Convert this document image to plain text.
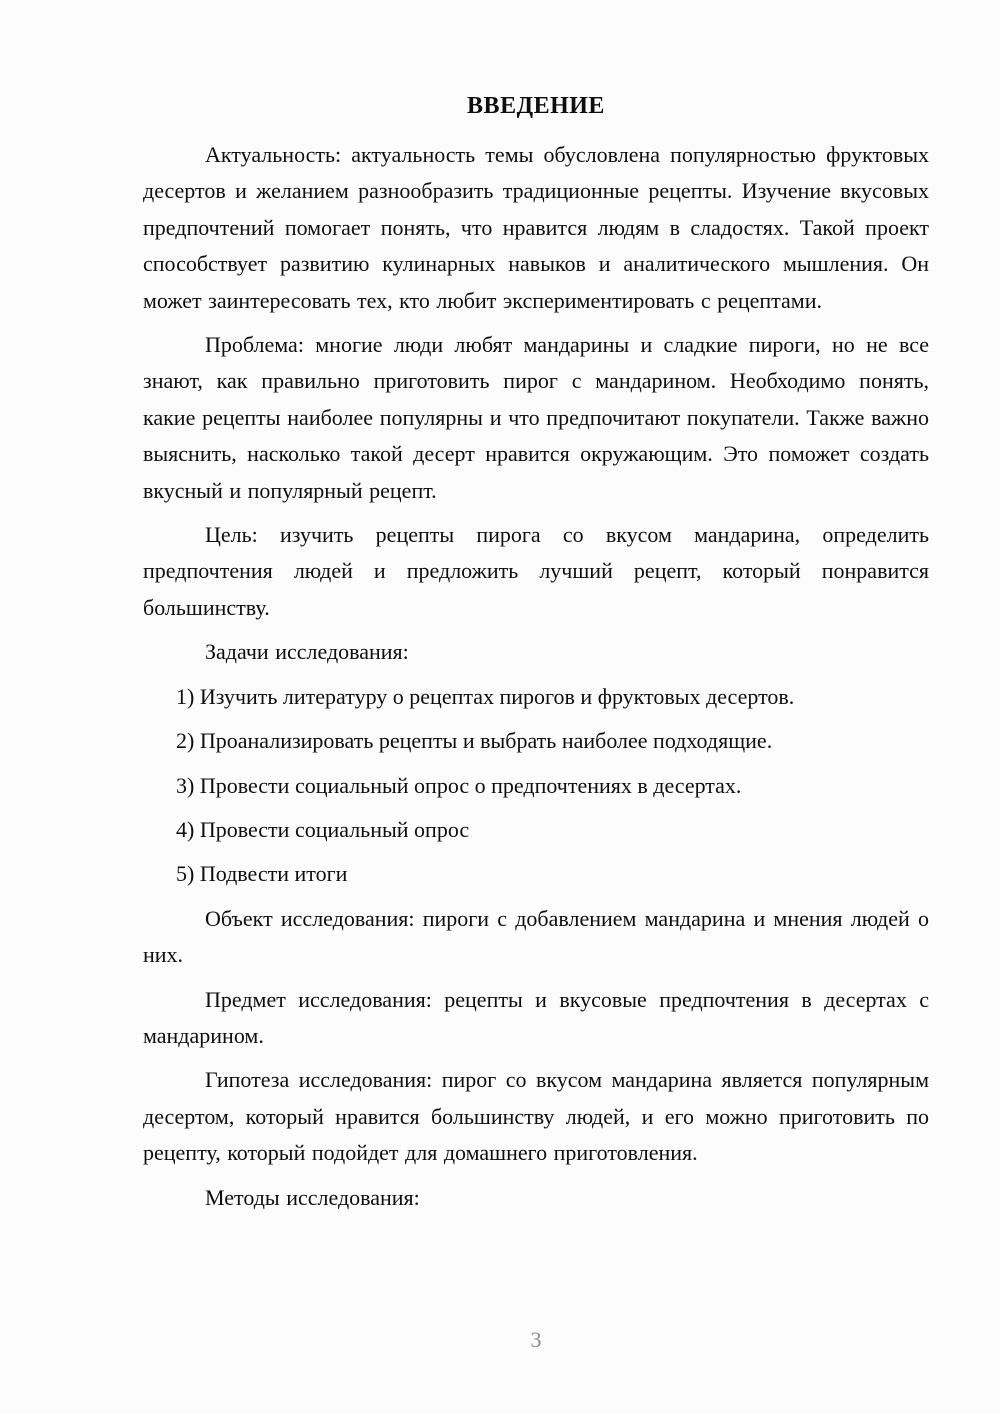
ВВЕДЕНИЕ

Актуальность: актуальность темы обусловлена популярностью фруктовых десертов и желанием разнообразить традиционные рецепты. Изучение вкусовых предпочтений помогает понять, что нравится людям в сладостях. Такой проект способствует развитию кулинарных навыков и аналитического мышления. Он может заинтересовать тех, кто любит экспериментировать с рецептами.

Проблема: многие люди любят мандарины и сладкие пироги, но не все знают, как правильно приготовить пирог с мандарином. Необходимо понять, какие рецепты наиболее популярны и что предпочитают покупатели. Также важно выяснить, насколько такой десерт нравится окружающим. Это поможет создать вкусный и популярный рецепт.

Цель: изучить рецепты пирога со вкусом мандарина, определить предпочтения людей и предложить лучший рецепт, который понравится большинству.

Задачи исследования:

1) Изучить литературу о рецептах пирогов и фруктовых десертов.

2) Проанализировать рецепты и выбрать наиболее подходящие.

3) Провести социальный опрос о предпочтениях в десертах.

4) Провести социальный опрос

5) Подвести итоги

Объект исследования: пироги с добавлением мандарина и мнения людей о них.

Предмет исследования: рецепты и вкусовые предпочтения в десертах с мандарином.

Гипотеза исследования: пирог со вкусом мандарина является популярным десертом, который нравится большинству людей, и его можно приготовить по рецепту, который подойдет для домашнего приготовления.

Методы исследования:

3
